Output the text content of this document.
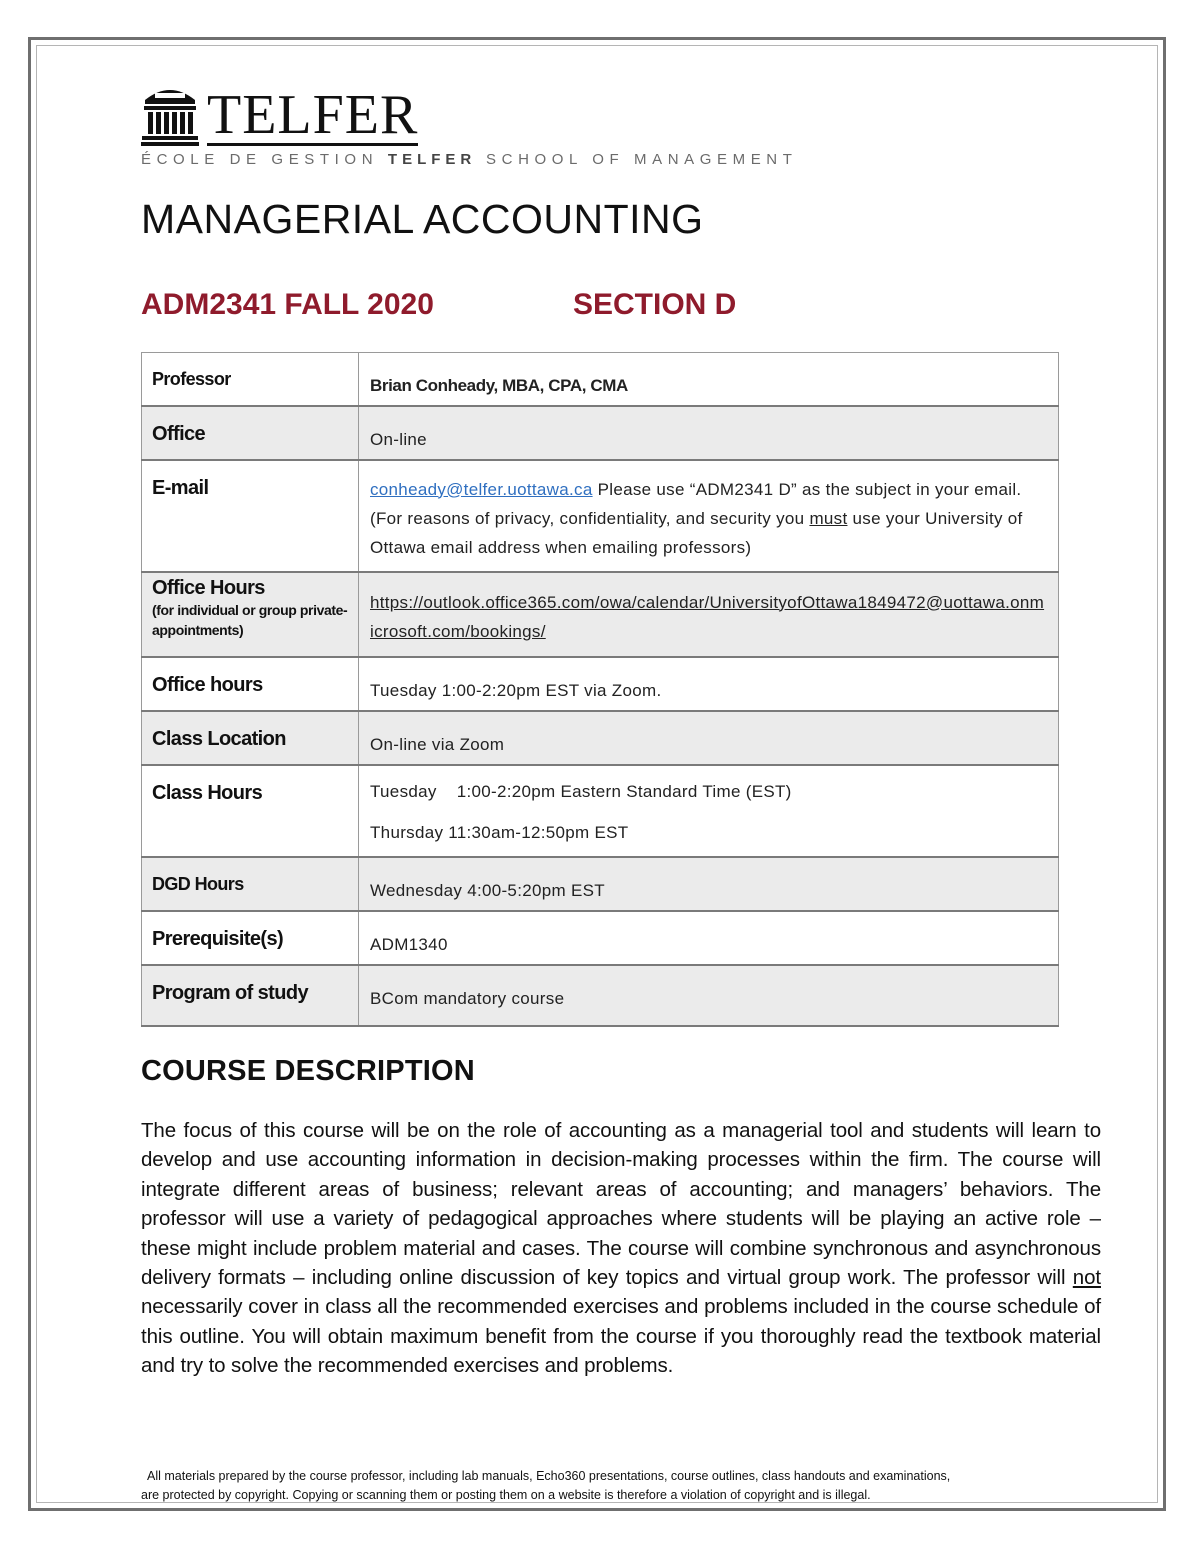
TELFER
ÉCOLE DE GESTION TELFER SCHOOL OF MANAGEMENT
MANAGERIAL ACCOUNTING
ADM2341 FALL 2020	SECTION D
Professor	Brian Conheady, MBA, CPA, CMA
Office	On-line
E-mail	conheady@telfer.uottawa.ca Please use “ADM2341 D” as the subject in your email. (For reasons of privacy, confidentiality, and security you must use your University of Ottawa email address when emailing professors)
Office Hours
(for individual or group private-appointments)	https://outlook.office365.com/owa/calendar/UniversityofOttawa1849472@uottawa.onmicrosoft.com/bookings/
Office hours	Tuesday 1:00-2:20pm EST via Zoom.
Class Location	On-line via Zoom
Class Hours	Tuesday    1:00-2:20pm Eastern Standard Time (EST)
Thursday 11:30am-12:50pm EST

DGD Hours	Wednesday 4:00-5:20pm EST
Prerequisite(s)	ADM1340
Program of study	BCom mandatory course
COURSE DESCRIPTION
The focus of this course will be on the role of accounting as a managerial tool and students will learn to develop and use accounting information in decision-making processes within the firm. The course will integrate different areas of business; relevant areas of accounting; and managers’ behaviors. The professor will use a variety of pedagogical approaches where students will be playing an active role – these might include problem material and cases. The course will combine synchronous and asynchronous delivery formats – including online discussion of key topics and virtual group work. The professor will not necessarily cover in class all the recommended exercises and problems included in the course schedule of this outline. You will obtain maximum benefit from the course if you thoroughly read the textbook material and try to solve the recommended exercises and problems.
All materials prepared by the course professor, including lab manuals, Echo360 presentations, course outlines, class handouts and examinations,
are protected by copyright. Copying or scanning them or posting them on a website is therefore a violation of copyright and is illegal.
